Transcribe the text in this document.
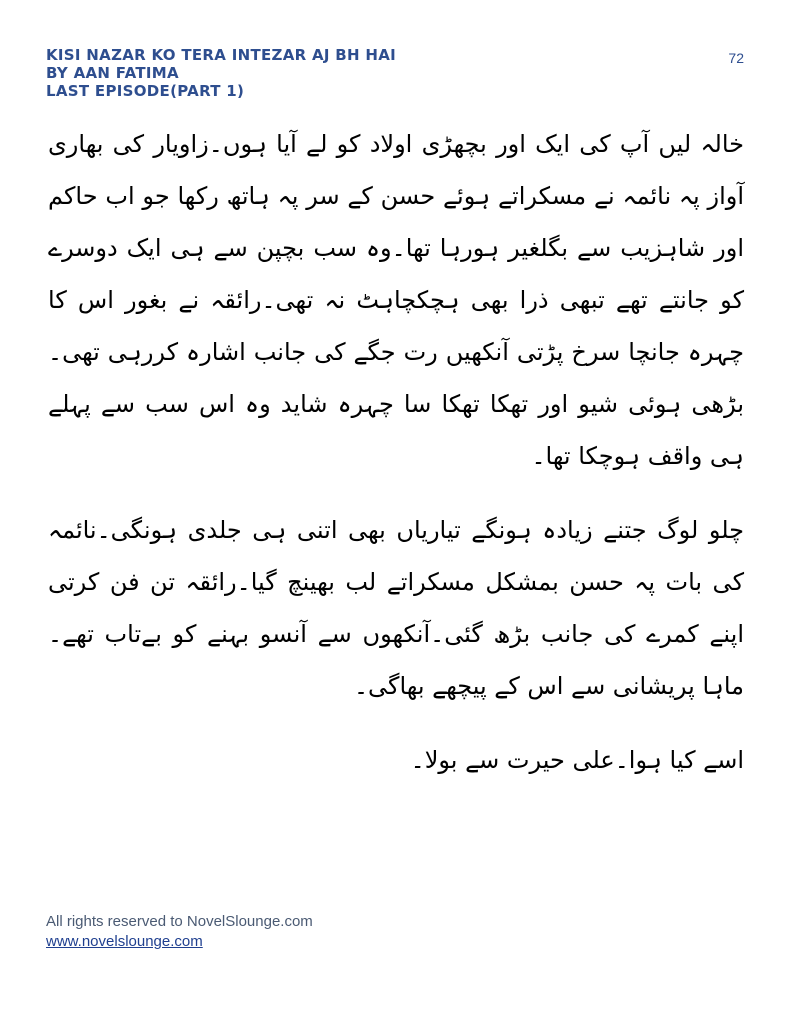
KISI NAZAR KO TERA INTEZAR AJ BH HAI
BY AAN FATIMA
LAST EPISODE(PART 1)
72

خالہ لیں آپ کی ایک اور بچھڑی اولاد کو لے آیا ہوں۔زاویار کی بھاری آواز پہ نائمہ نے مسکراتے ہوئے حسن کے سر پہ ہاتھ رکھا جو اب حاکم اور شاہزیب سے بگلغیر ہورہا تھا۔وہ سب بچپن سے ہی ایک دوسرے کو جانتے تھے تبھی ذرا بھی ہچکچاہٹ نہ تھی۔رائقہ نے بغور اس کا چہرہ جانچا سرخ پڑتی آنکھیں رت جگے کی جانب اشارہ کررہی تھی۔بڑھی ہوئی شیو اور تھکا تھکا سا چہرہ شاید وہ اس سب سے پہلے ہی واقف ہوچکا تھا۔

چلو لوگ جتنے زیادہ ہونگے تیاریاں بھی اتنی ہی جلدی ہونگی۔نائمہ کی بات پہ حسن بمشکل مسکراتے لب بھینچ گیا۔رائقہ تن فن کرتی اپنے کمرے کی جانب بڑھ گئی۔آنکھوں سے آنسو بہنے کو بےتاب تھے۔ماہا پریشانی سے اس کے پیچھے بھاگی۔

اسے کیا ہوا۔علی حیرت سے بولا۔

All rights reserved to NovelSlounge.com
www.novelslounge.com
